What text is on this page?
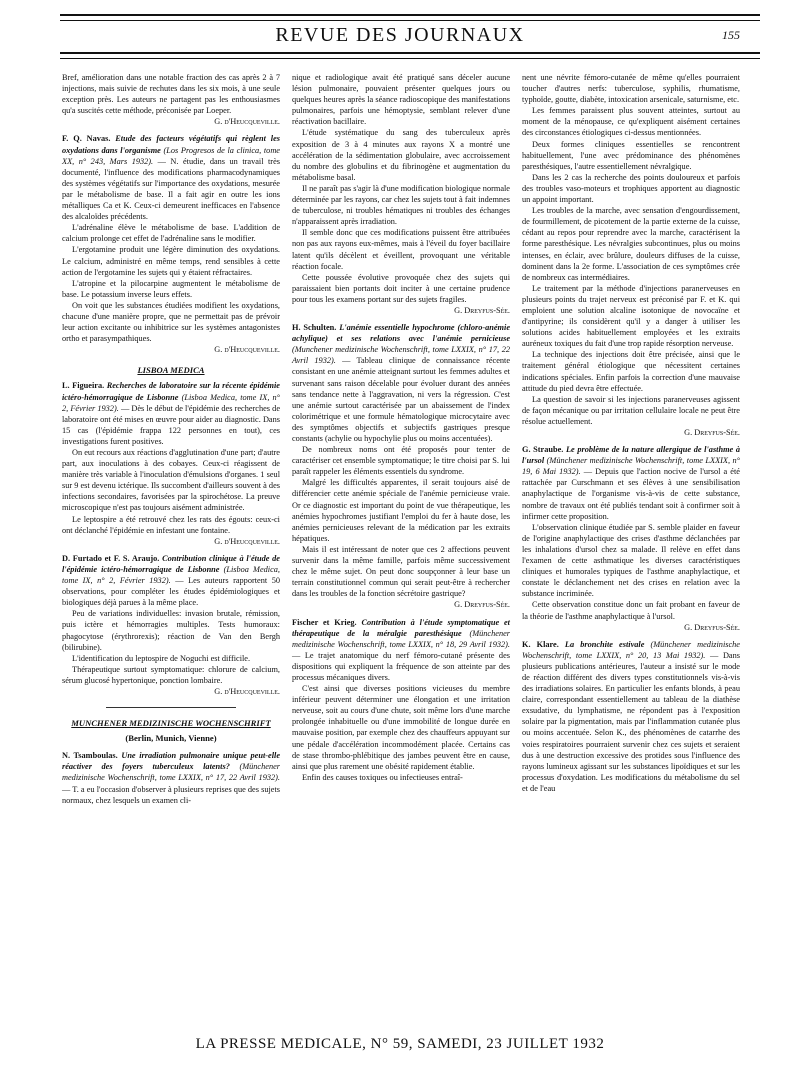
REVUE DES JOURNAUX	155

Bref, amélioration dans une notable fraction des cas après 2 à 7 injections, mais suivie de rechutes dans les six mois, à une seule exception près. Les auteurs ne partagent pas les enthousiasmes qu'a suscités cette méthode, préconisée par Loeper.

G. d'Heucqueville.

F. Q. Navas. Etude des facteurs végétatifs qui règlent les oxydations dans l'organisme (Los Progresos de la clinica, tome XX, n° 243, Mars 1932). — N. étudie, dans un travail très documenté, l'influence des modifications pharmacodynamiques des systèmes végétatifs sur l'importance des oxydations, mesurée par le métabolisme de base. Il a fait agir en outre les ions métalliques Ca et K. Ceux-ci demeurent inefficaces en l'absence des alcaloïdes précédents.

L'adrénaline élève le métabolisme de base. L'addition de calcium prolonge cet effet de l'adrénaline sans le modifier.

L'ergotamine produit une légère diminution des oxydations. Le calcium, administré en même temps, rend sensibles à cette action de l'ergotamine les sujets qui y étaient réfractaires.

L'atropine et la pilocarpine augmentent le métabolisme de base. Le potassium inverse leurs effets.

On voit que les substances étudiées modifient les oxydations, chacune d'une manière propre, que ne permettait pas de prévoir leur action excitante ou inhibitrice sur les systèmes antagonistes ortho et parasympathiques.

G. d'Heucqueville.

LISBOA MEDICA

L. Figueira. Recherches de laboratoire sur la récente épidémie ictéro-hémorragique de Lisbonne (Lisboa Medica, tome IX, n° 2, Février 1932). — Dès le début de l'épidémie des recherches de laboratoire ont été mises en œuvre pour aider au diagnostic. Dans 15 cas (l'épidémie frappa 122 personnes en tout), ces investigations furent positives.

On eut recours aux réactions d'agglutination d'une part; d'autre part, aux inoculations à des cobayes. Ceux-ci réagissent de manière très variable à l'inoculation d'émulsions d'organes. 1 seul sur 9 est devenu ictérique. Ils succombent d'ailleurs souvent à des infections secondaires, favorisées par la spirochétose. La preuve microscopique n'est pas toujours aisément administrée.

Le leptospire a été retrouvé chez les rats des égouts: ceux-ci ont déclanché l'épidémie en infestant une fontaine.

G. d'Heucqueville.

D. Furtado et F. S. Araujo. Contribution clinique à l'étude de l'épidémie ictéro-hémorragique de Lisbonne (Lisboa Medica, tome IX, n° 2, Février 1932). — Les auteurs rapportent 50 observations, pour compléter les études épidémiologiques et biologiques déjà parues à la même place.

Peu de variations individuelles: invasion brutale, rémission, puis ictère et hémorragies multiples. Tests humoraux: phagocytose (érythrorexis); réaction de Van den Bergh (bilirubine).

L'identification du leptospire de Noguchi est difficile.

Thérapeutique surtout symptomatique: chlorure de calcium, sérum glucosé hypertonique, ponction lombaire.

G. d'Heucqueville.

MUNCHENER MEDIZINISCHE WOCHENSCHRIFT
(Berlin, Munich, Vienne)

N. Tsamboulas. Une irradiation pulmonaire unique peut-elle réactiver des foyers tuberculeux latents? (Münchener medizinische Wochenschrift, tome LXXIX, n° 17, 22 Avril 1932). — T. a eu l'occasion d'observer à plusieurs reprises que des sujets normaux, chez lesquels un examen cli-

nique et radiologique avait été pratiqué sans déceler aucune lésion pulmonaire, pouvaient présenter quelques jours ou quelques heures après la séance radioscopique des manifestations pulmonaires, parfois une hémoptysie, semblant relever d'une réactivation bacillaire.

L'étude systématique du sang des tuberculeux après exposition de 3 à 4 minutes aux rayons X a montré une accélération de la sédimentation globulaire, avec accroissement du nombre des globulins et du fibrinogène et augmentation du métabolisme basal.

Il ne paraît pas s'agir là d'une modification biologique normale déterminée par les rayons, car chez les sujets tout à fait indemnes de tuberculose, ni troubles hématiques ni troubles des échanges n'apparaissent après irradiation.

Il semble donc que ces modifications puissent être attribuées non pas aux rayons eux-mêmes, mais à l'éveil du foyer bacillaire latent qu'ils décèlent et éveillent, provoquant une véritable réaction focale.

Cette poussée évolutive provoquée chez des sujets qui paraissaient bien portants doit inciter à une certaine prudence pour tous les examens portant sur des sujets fragiles.

G. Dreyfus-Sée.

H. Schulten. L'anémie essentielle hypochrome (chloro-anémie achylique) et ses relations avec l'anémie pernicieuse (Munchener medizinische Wochenschrift, tome LXXIX, n° 17, 22 Avril 1932). — Tableau clinique de connaissance récente consistant en une anémie atteignant surtout les femmes adultes et survenant sans raison décelable pour évoluer durant des années sans tendance nette à l'aggravation, ni vers la régression. C'est une anémie surtout caractérisée par un abaissement de l'index colorimétrique et une formule hématologique microcytaire avec des symptômes objectifs et subjectifs gastriques presque constants (achylie ou hypochylie plus ou moins accentuées).

De nombreux noms ont été proposés pour tenter de caractériser cet ensemble symptomatique; le titre choisi par S. lui paraît rappeler les éléments essentiels du syndrome.

Malgré les difficultés apparentes, il serait toujours aisé de différencier cette anémie spéciale de l'anémie pernicieuse vraie. Or ce diagnostic est important du point de vue thérapeutique, les anémies hypochromes justifiant l'emploi du fer à haute dose, les anémies pernicieuses relevant de la médication par les extraits hépatiques.

Mais il est intéressant de noter que ces 2 affections peuvent survenir dans la même famille, parfois même successivement chez le même sujet. On peut donc soupçonner à leur base un terrain constitutionnel commun qui serait peut-être à rechercher dans les troubles de la fonction sécrétoire gastrique?

G. Dreyfus-Sée.

Fischer et Krieg. Contribution à l'étude symptomatique et thérapeutique de la méralgie paresthésique (Münchener medizinische Wochenschrift, tome LXXIX, n° 18, 29 Avril 1932). — Le trajet anatomique du nerf fémoro-cutané présente des dispositions qui expliquent la fréquence de son atteinte par des processus mécaniques divers.

C'est ainsi que diverses positions vicieuses du membre inférieur peuvent déterminer une élongation et une irritation nerveuse, soit au cours d'une chute, soit même lors d'une marche prolongée inhabituelle ou d'une immobilité de longue durée en mauvaise position, par exemple chez des chauffeurs appuyant sur une pédale d'accélération incommodément placée. Certains cas de stase thrombo-phlébitique des jambes peuvent être en cause, ainsi que plus rarement une obésité rapidement établie.

Enfin des causes toxiques ou infectieuses entraî-

nent une névrite fémoro-cutanée de même qu'elles pourraient toucher d'autres nerfs: tuberculose, syphilis, rhumatisme, typhoïde, goutte, diabète, intoxication arsenicale, saturnisme, etc.

Les femmes paraissent plus souvent atteintes, surtout au moment de la ménopause, ce qu'expliquent aisément certaines des circonstances étiologiques ci-dessus mentionnées.

Deux formes cliniques essentielles se rencontrent habituellement, l'une avec prédominance des phénomènes paresthésiques, l'autre essentiellement névralgique.

Dans les 2 cas la recherche des points douloureux et parfois des troubles vaso-moteurs et trophiques apportent au diagnostic un appoint important.

Les troubles de la marche, avec sensation d'engourdissement, de fourmillement, de picotement de la partie externe de la cuisse, cédant au repos pour reprendre avec la marche, caractérisent la forme paresthésique. Les névralgies subcontinues, plus ou moins intenses, en éclair, avec brûlure, douleurs diffuses de la cuisse, dominent dans la 2e forme. L'association de ces symptômes crée de nombreux cas intermédiaires.

Le traitement par la méthode d'injections paranerveuses en plusieurs points du trajet nerveux est préconisé par F. et K. qui emploient une solution alcaline isotonique de novocaïne et d'antipyrine; ils considèrent qu'il y a danger à utiliser les solutions acides habituellement employées et les extraits auréneux toxiques du fait d'une trop rapide résorption nerveuse.

La technique des injections doit être précisée, ainsi que le traitement général étiologique que nécessitent certaines indications spéciales. Enfin parfois la correction d'une mauvaise attitude du pied devra être effectuée.

La question de savoir si les injections paranerveuses agissent de façon mécanique ou par irritation cellulaire locale ne peut être résolue actuellement.

G. Dreyfus-Sée.

G. Straube. Le problème de la nature allergique de l'asthme à l'ursol (Münchener medizinische Wochenschrift, tome LXXIX, n° 19, 6 Mai 1932). — Depuis que l'action nocive de l'ursol a été rattachée par Curschmann et ses élèves à une sensibilisation anaphylactique de l'organisme vis-à-vis de cette substance, nombre de travaux ont été publiés tendant soit à confirmer soit à infirmer cette proposition.

L'observation clinique étudiée par S. semble plaider en faveur de l'origine anaphylactique des crises d'asthme déclanchées par les inhalations d'ursol chez sa malade. Il relève en effet dans l'examen de cette asthmatique les diverses caractéristiques cliniques et humorales typiques de l'asthme anaphylactique, et constate le déclanchement net des crises en relation avec la substance incriminée.

Cette observation constitue donc un fait probant en faveur de la théorie de l'asthme anaphylactique à l'ursol.

G. Dreyfus-Sée.

K. Klare. La bronchite estivale (Münchener medizinische Wochenschrift, tome LXXIX, n° 20, 13 Mai 1932). — Dans plusieurs publications antérieures, l'auteur a insisté sur le mode de réaction différent des divers types constitutionnels vis-à-vis des irradiations solaires. En particulier les enfants blonds, à peau claire, correspondant essentiellement au tableau de la diathèse exsudative, du lymphatisme, ne répondent pas à l'exposition solaire par la pigmentation, mais par l'inflammation cutanée plus ou moins accentuée. Selon K., des phénomènes de catarrhe des voies respiratoires pourraient survenir chez ces sujets et seraient dus à une destruction excessive des protides sous l'influence des rayons lumineux agissant sur les substances lipoïdiques et sur les processus d'oxydation. Les modifications du métabolisme du sel et de l'eau

LA PRESSE MEDICALE, N° 59, SAMEDI, 23 JUILLET 1932
